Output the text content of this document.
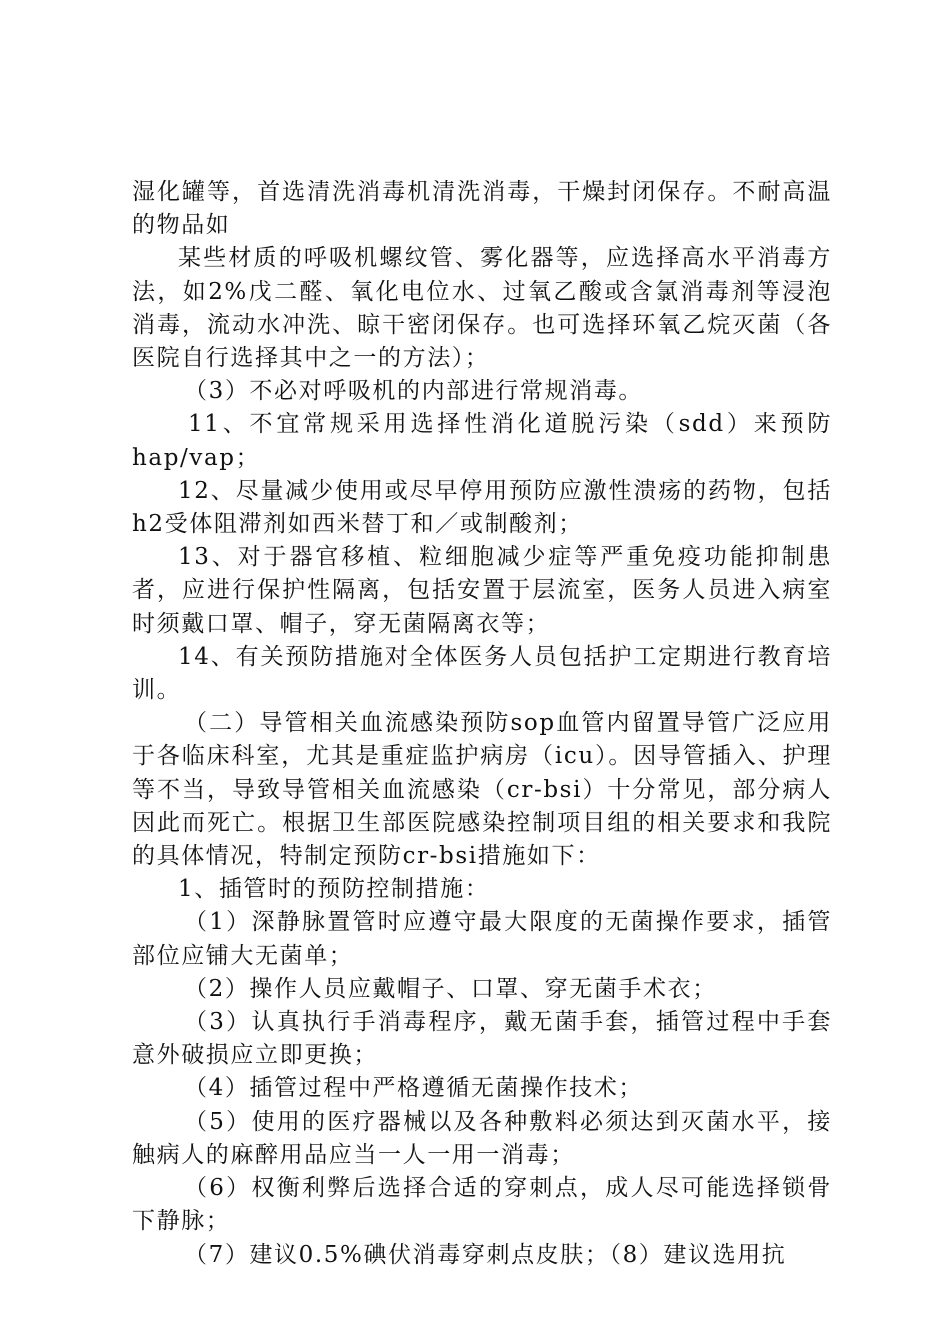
湿化罐等，首选清洗消毒机清洗消毒，干燥封闭保存。不耐高温的物品如

某些材质的呼吸机螺纹管、雾化器等，应选择高水平消毒方法，如2%戊二醛、氧化电位水、过氧乙酸或含氯消毒剂等浸泡消毒，流动水冲洗、晾干密闭保存。也可选择环氧乙烷灭菌（各医院自行选择其中之一的方法）；

（3）不必对呼吸机的内部进行常规消毒。

11、不宜常规采用选择性消化道脱污染（sdd）来预防hap/vap；

12、尽量减少使用或尽早停用预防应激性溃疡的药物，包括h2受体阻滞剂如西米替丁和／或制酸剂；

13、对于器官移植、粒细胞减少症等严重免疫功能抑制患者，应进行保护性隔离，包括安置于层流室，医务人员进入病室时须戴口罩、帽子，穿无菌隔离衣等；

14、有关预防措施对全体医务人员包括护工定期进行教育培训。

（二）导管相关血流感染预防sop血管内留置导管广泛应用于各临床科室，尤其是重症监护病房（icu）。因导管插入、护理等不当，导致导管相关血流感染（cr-bsi）十分常见，部分病人因此而死亡。根据卫生部医院感染控制项目组的相关要求和我院的具体情况，特制定预防cr-bsi措施如下：

1、插管时的预防控制措施：

（1）深静脉置管时应遵守最大限度的无菌操作要求，插管部位应铺大无菌单；

（2）操作人员应戴帽子、口罩、穿无菌手术衣；

（3）认真执行手消毒程序，戴无菌手套，插管过程中手套意外破损应立即更换；

（4）插管过程中严格遵循无菌操作技术；

（5）使用的医疗器械以及各种敷料必须达到灭菌水平，接触病人的麻醉用品应当一人一用一消毒；

（6）权衡利弊后选择合适的穿刺点，成人尽可能选择锁骨下静脉；

（7）建议0.5%碘伏消毒穿刺点皮肤；（8）建议选用抗
